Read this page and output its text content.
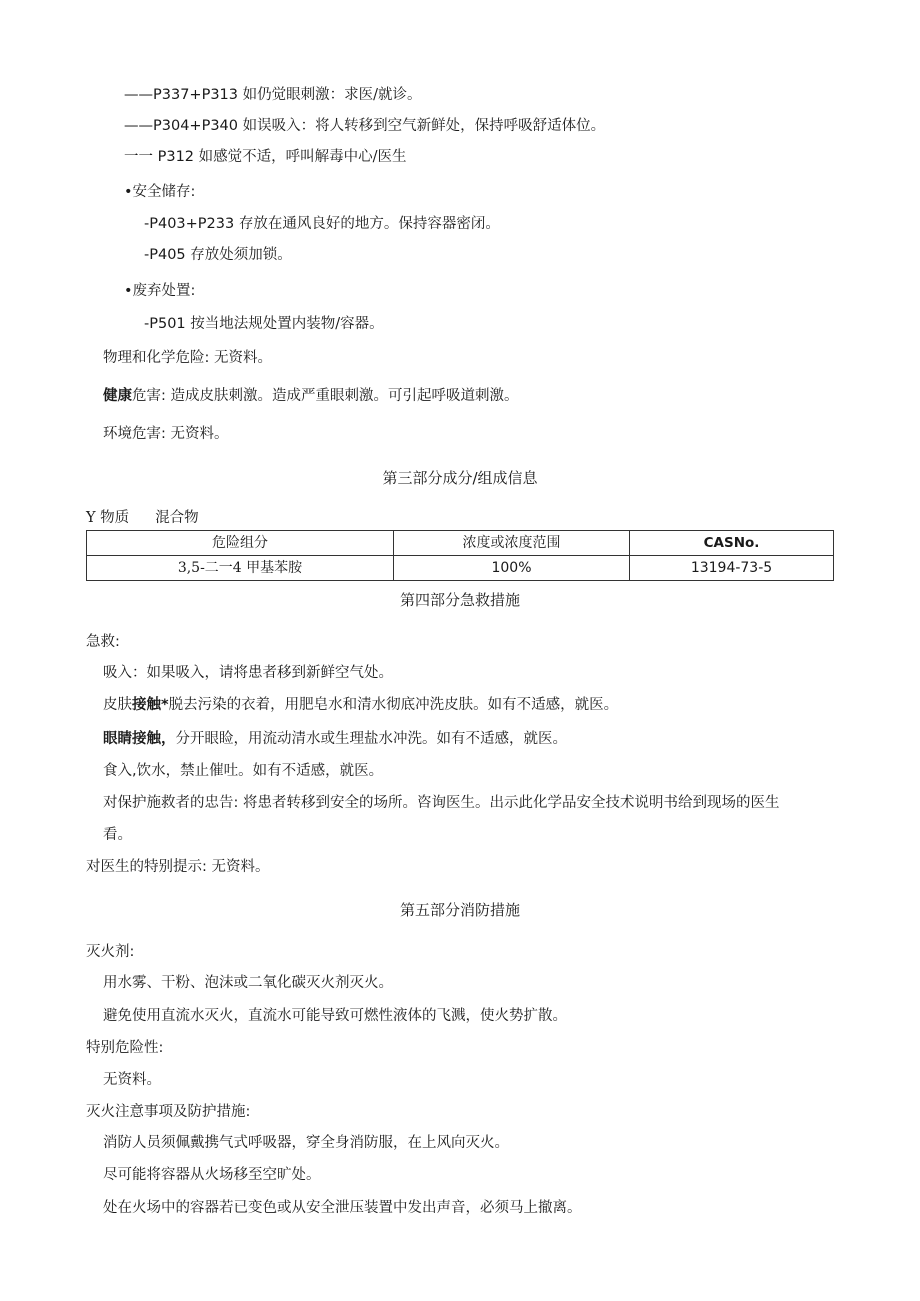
——P337+P313 如仍觉眼刺激：求医/就诊。
——P304+P340 如误吸入：将人转移到空气新鲜处，保持呼吸舒适体位。
一一 P312 如感觉不适，呼叫解毒中心/医生
•安全储存:
-P403+P233 存放在通风良好的地方。保持容器密闭。
-P405 存放处须加锁。
•废弃处置:
-P501 按当地法规处置内装物/容器。
物理和化学危险: 无资料。
健康危害: 造成皮肤刺激。造成严重眼刺激。可引起呼吸道刺激。
环境危害: 无资料。
第三部分成分/组成信息
Y 物质 混合物
危险组分	浓度或浓度范围	CASNo.
3,5-二一4 甲基苯胺	100%	13194-73-5
第四部分急救措施
急救:
吸入：如果吸入，请将患者移到新鲜空气处。
皮肤接触*脱去污染的衣着，用肥皂水和清水彻底冲洗皮肤。如有不适感，就医。
眼睛接触，分开眼睑，用流动清水或生理盐水冲洗。如有不适感，就医。
食入,饮水，禁止催吐。如有不适感，就医。
对保护施救者的忠告: 将患者转移到安全的场所。咨询医生。出示此化学品安全技术说明书给到现场的医生
看。
对医生的特别提示: 无资料。
第五部分消防措施
灭火剂:
用水雾、干粉、泡沫或二氧化碳灭火剂灭火。
避免使用直流水灭火，直流水可能导致可燃性液体的飞溅，使火势扩散。
特别危险性:
无资料。
灭火注意事项及防护措施:
消防人员须佩戴携气式呼吸器，穿全身消防服，在上风向灭火。
尽可能将容器从火场移至空旷处。
处在火场中的容器若已变色或从安全泄压装置中发出声音，必须马上撤离。
